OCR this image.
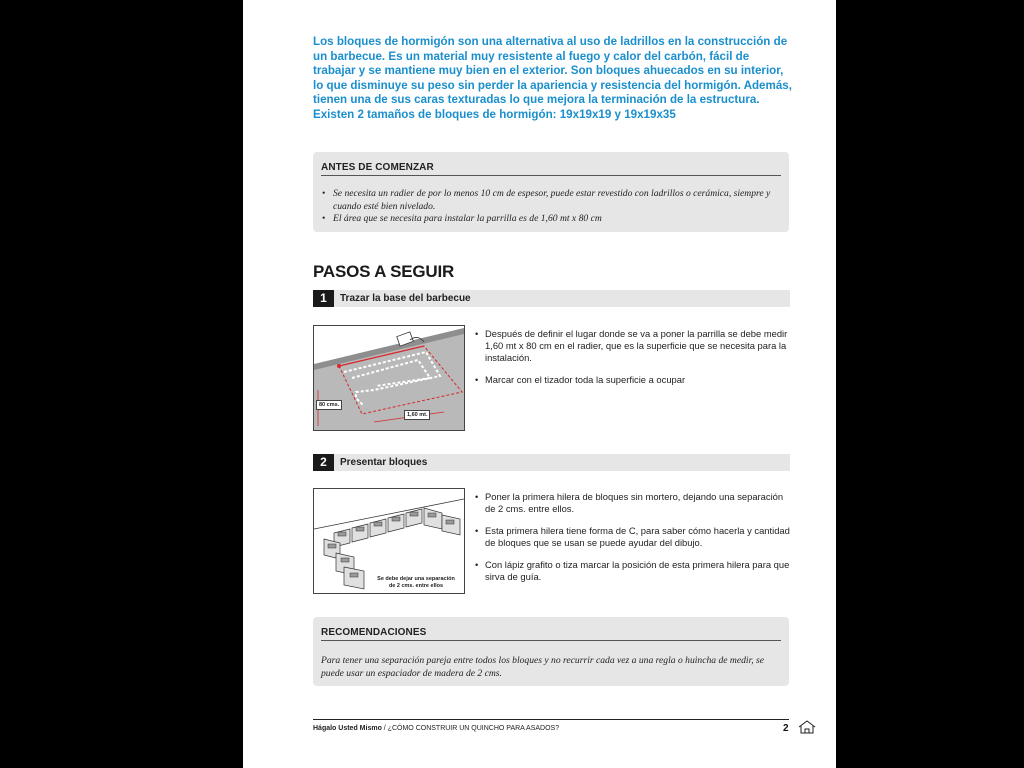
Los bloques de hormigón son una alternativa al uso de ladrillos en la construcción de un barbecue. Es un material muy resistente al fuego y calor del carbón, fácil de trabajar y se mantiene muy bien en el exterior. Son bloques ahuecados en su interior, lo que disminuye su peso sin perder la apariencia y resistencia del hormigón. Además, tienen una de sus caras texturadas lo que mejora la terminación de la estructura. Existen 2 tamaños de bloques de hormigón: 19x19x19 y 19x19x35

ANTES DE COMENZAR
• Se necesita un radier de por lo menos 10 cm de espesor, puede estar revestido con ladrillos o cerámica, siempre y cuando esté bien nivelado.
• El área que se necesita para instalar la parrilla es de 1,60 mt x 80 cm
PASOS A SEGUIR
1	Trazar la base del barbecue
80 cms.
1,60 mt.
• Después de definir el lugar donde se va a poner la parrilla se debe medir 1,60 mt x 80 cm en el radier, que es la superficie que se necesita para la instalación.
• Marcar con el tizador toda la superficie a ocupar
2	Presentar bloques
Se debe dejar una separación de 2 cms. entre ellos
• Poner la primera hilera de bloques sin mortero, dejando una separación de 2 cms. entre ellos.
• Esta primera hilera tiene forma de C, para saber cómo hacerla y cantidad de bloques que se usan se puede ayudar del dibujo.
• Con lápiz grafito o tiza marcar la posición de esta primera hilera para que sirva de guía.
RECOMENDACIONES

Para tener una separación pareja entre todos los bloques y no recurrir cada vez a una regla o huincha de medir, se puede usar un espaciador de madera de 2 cms.

Hágalo Usted Mismo / ¿CÓMO CONSTRUIR UN QUINCHO PARA ASADOS?	2
